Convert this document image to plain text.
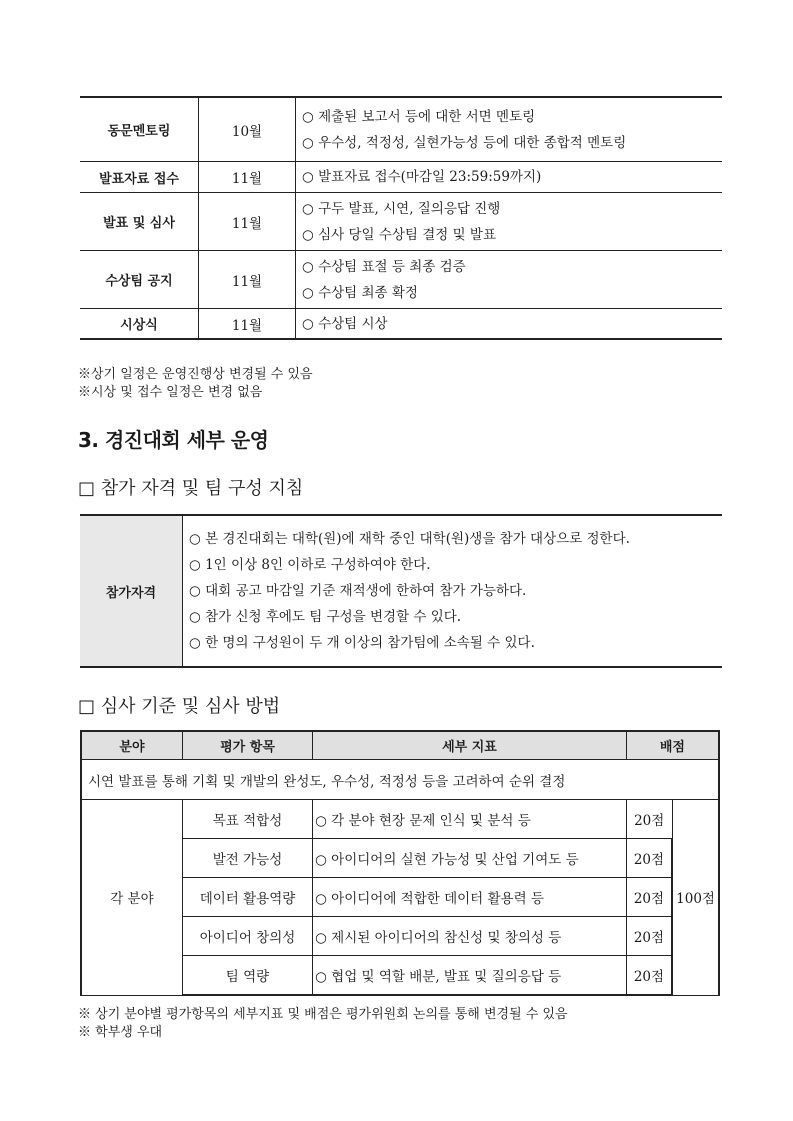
동문멘토링	10월	○ 제출된 보고서 등에 대한 서면 멘토링
○ 우수성, 적정성, 실현가능성 등에 대한 종합적 멘토링

발표자료 접수	11월	○ 발표자료 접수(마감일 23:59:59까지)

발표 및 심사	11월	○ 구두 발표, 시연, 질의응답 진행
○ 심사 당일 수상팀 결정 및 발표

수상팀 공지	11월	○ 수상팀 표절 등 최종 검증
○ 수상팀 최종 확정

시상식	11월	○ 수상팀 시상
※상기 일정은 운영진행상 변경될 수 있음
※시상 및 접수 일정은 변경 없음
3. 경진대회 세부 운영
□ 참가 자격 및 팀 구성 지침
참가자격	
○ 본 경진대회는 대학(원)에 재학 중인 대학(원)생을 참가 대상으로 정한다.
○ 1인 이상 8인 이하로 구성하여야 한다.
○ 대회 공고 마감일 기준 재적생에 한하여 참가 가능하다.
○ 참가 신청 후에도 팀 구성을 변경할 수 있다.
○ 한 명의 구성원이 두 개 이상의 참가팀에 소속될 수 있다.
□ 심사 기준 및 심사 방법
분야	평가 항목	세부 지표	배점	
시연 발표를 통해 기획 및 개발의 완성도, 우수성, 적정성 등을 고려하여 순위 결정				
각 분야	목표 적합성	○ 각 분야 현장 문제 인식 및 분석 등	20점	100점
	발전 가능성	○ 아이디어의 실현 가능성 및 산업 기여도 등	20점	
	데이터 활용역량	○ 아이디어에 적합한 데이터 활용력 등	20점	
	아이디어 창의성	○ 제시된 아이디어의 참신성 및 창의성 등	20점	
	팀 역량	○ 협업 및 역할 배분, 발표 및 질의응답 등	20점	
※ 상기 분야별 평가항목의 세부지표 및 배점은 평가위원회 논의를 통해 변경될 수 있음
※ 학부생 우대
